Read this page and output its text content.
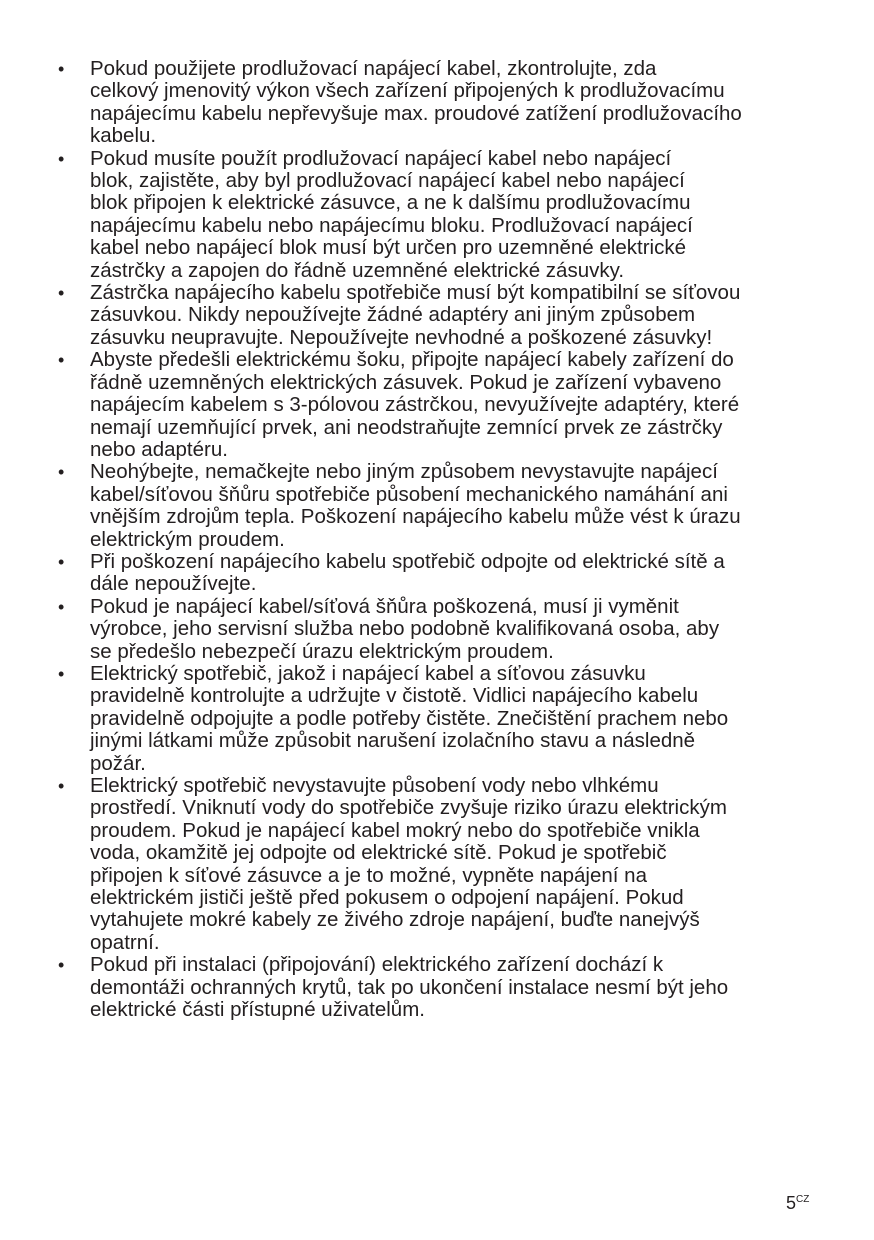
• Pokud použijete prodlužovací napájecí kabel, zkontrolujte, zda
celkový jmenovitý výkon všech zařízení připojených k prodlužovacímu
napájecímu kabelu nepřevyšuje max. proudové zatížení prodlužovacího
kabelu.
• Pokud musíte použít prodlužovací napájecí kabel nebo napájecí
blok, zajistěte, aby byl prodlužovací napájecí kabel nebo napájecí
blok připojen k elektrické zásuvce, a ne k dalšímu prodlužovacímu
napájecímu kabelu nebo napájecímu bloku. Prodlužovací napájecí
kabel nebo napájecí blok musí být určen pro uzemněné elektrické
zástrčky a zapojen do řádně uzemněné elektrické zásuvky.
• Zástrčka napájecího kabelu spotřebiče musí být kompatibilní se síťovou
zásuvkou. Nikdy nepoužívejte žádné adaptéry ani jiným způsobem
zásuvku neupravujte. Nepoužívejte nevhodné a poškozené zásuvky!
• Abyste předešli elektrickému šoku, připojte napájecí kabely zařízení do
řádně uzemněných elektrických zásuvek. Pokud je zařízení vybaveno
napájecím kabelem s 3-pólovou zástrčkou, nevyužívejte adaptéry, které
nemají uzemňující prvek, ani neodstraňujte zemnící prvek ze zástrčky
nebo adaptéru.
• Neohýbejte, nemačkejte nebo jiným způsobem nevystavujte napájecí
kabel/síťovou šňůru spotřebiče působení mechanického namáhání ani
vnějším zdrojům tepla. Poškození napájecího kabelu může vést k úrazu
elektrickým proudem.
• Při poškození napájecího kabelu spotřebič odpojte od elektrické sítě a
dále nepoužívejte.
• Pokud je napájecí kabel/síťová šňůra poškozená, musí ji vyměnit
výrobce, jeho servisní služba nebo podobně kvalifikovaná osoba, aby
se předešlo nebezpečí úrazu elektrickým proudem.
• Elektrický spotřebič, jakož i napájecí kabel a síťovou zásuvku
pravidelně kontrolujte a udržujte v čistotě. Vidlici napájecího kabelu
pravidelně odpojujte a podle potřeby čistěte. Znečištění prachem nebo
jinými látkami může způsobit narušení izolačního stavu a následně
požár.
• Elektrický spotřebič nevystavujte působení vody nebo vlhkému
prostředí. Vniknutí vody do spotřebiče zvyšuje riziko úrazu elektrickým
proudem. Pokud je napájecí kabel mokrý nebo do spotřebiče vnikla
voda, okamžitě jej odpojte od elektrické sítě. Pokud je spotřebič
připojen k síťové zásuvce a je to možné, vypněte napájení na
elektrickém jističi ještě před pokusem o odpojení napájení. Pokud
vytahujete mokré kabely ze živého zdroje napájení, buďte nanejvýš
opatrní.
• Pokud při instalaci (připojování) elektrického zařízení dochází k
demontáži ochranných krytů, tak po ukončení instalace nesmí být jeho
elektrické části přístupné uživatelům.
$5^{CZ}$
